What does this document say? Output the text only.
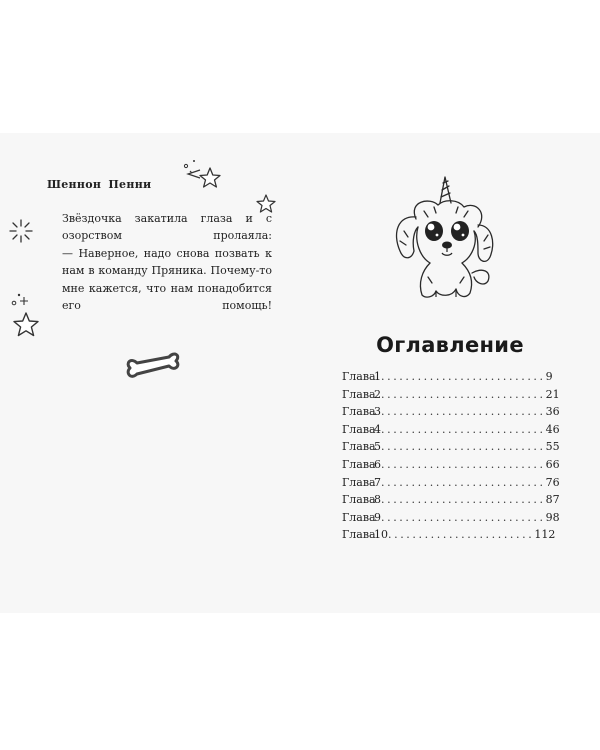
Шеннон Пенни

Звёздочка закатила глаза и с озорством пролаяла:

— Наверное, надо снова позвать к нам в команду Пряника. Почему-то мне кажется, что нам понадобится его помощь!

Оглавление
Глава
1 ........................... 9
Глава
2 ........................... 21
Глава
3 ........................... 36
Глава
4 ........................... 46
Глава
5 ........................... 55
Глава
6 ........................... 66
Глава
7 ........................... 76
Глава
8 ........................... 87
Глава
9 ........................... 98
Глава
10 ........................ 112
